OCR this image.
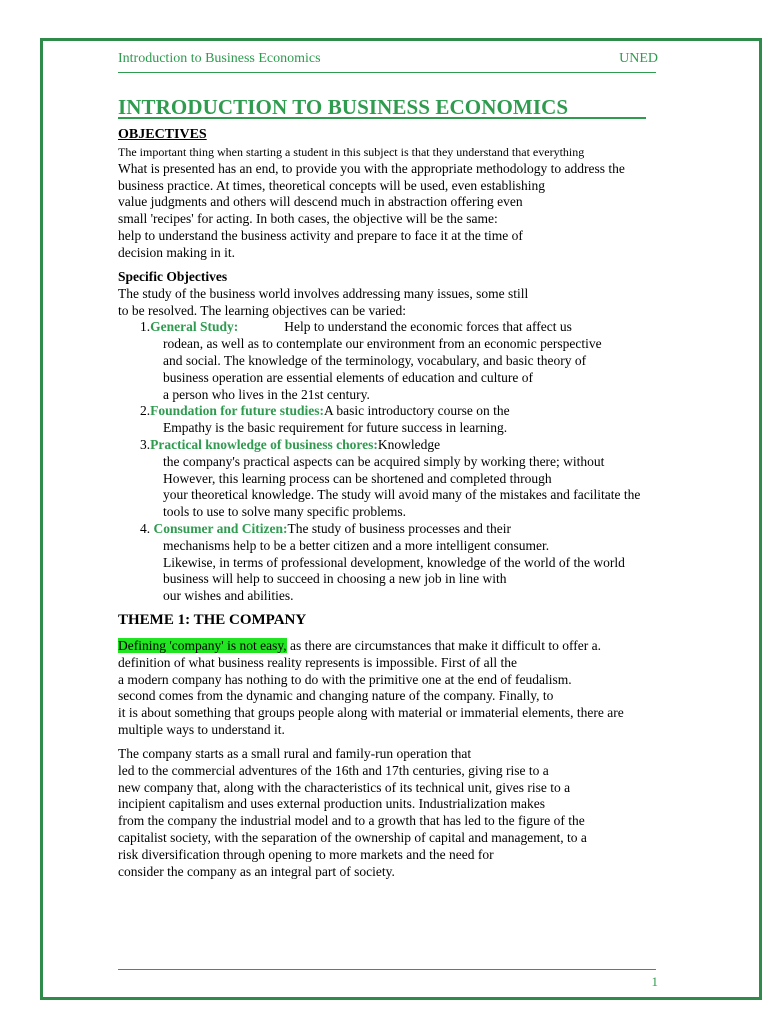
Introduction to Business Economics	UNED
INTRODUCTION TO BUSINESS ECONOMICS
OBJECTIVES
The important thing when starting a student in this subject is that they understand that everything
What is presented has an end, to provide you with the appropriate methodology to address the
business practice. At times, theoretical concepts will be used, even establishing
value judgments and others will descend much in abstraction offering even
small 'recipes' for acting. In both cases, the objective will be the same:
help to understand the business activity and prepare to face it at the time of
decision making in it.
Specific Objectives
The study of the business world involves addressing many issues, some still
to be resolved. The learning objectives can be varied:
1.General Study:	Help to understand the economic forces that affect us
rodean, as well as to contemplate our environment from an economic perspective
and social. The knowledge of the terminology, vocabulary, and basic theory of
business operation are essential elements of education and culture of
a person who lives in the 21st century.
2.Foundation for future studies:A basic introductory course on the
Empathy is the basic requirement for future success in learning.
3.Practical knowledge of business chores:Knowledge
the company's practical aspects can be acquired simply by working there; without
However, this learning process can be shortened and completed through
your theoretical knowledge. The study will avoid many of the mistakes and facilitate the
tools to use to solve many specific problems.
4. Consumer and Citizen:The study of business processes and their
mechanisms help to be a better citizen and a more intelligent consumer.
Likewise, in terms of professional development, knowledge of the world of the world
business will help to succeed in choosing a new job in line with
our wishes and abilities.
THEME 1: THE COMPANY
Defining 'company' is not easy, as there are circumstances that make it difficult to offer a.
definition of what business reality represents is impossible. First of all the
a modern company has nothing to do with the primitive one at the end of feudalism.
second comes from the dynamic and changing nature of the company. Finally, to
it is about something that groups people along with material or immaterial elements, there are
multiple ways to understand it.
The company starts as a small rural and family-run operation that
led to the commercial adventures of the 16th and 17th centuries, giving rise to a
new company that, along with the characteristics of its technical unit, gives rise to a
incipient capitalism and uses external production units. Industrialization makes
from the company the industrial model and to a growth that has led to the figure of the
capitalist society, with the separation of the ownership of capital and management, to a
risk diversification through opening to more markets and the need for
consider the company as an integral part of society.
1
